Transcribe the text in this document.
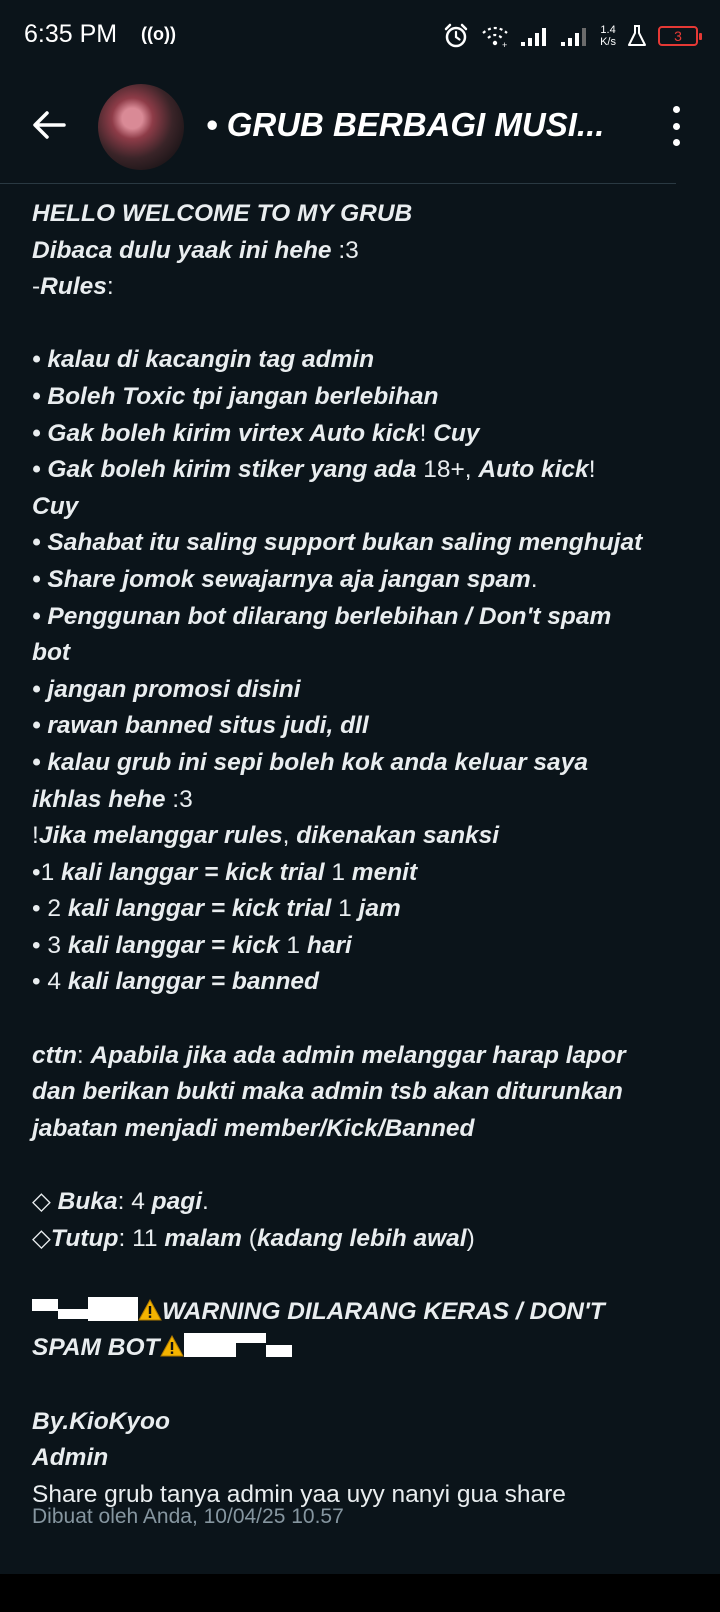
6:35 PM ((o))
+
1.4
K/s	3
• GRUB BERBAGI MUSI...
HELLO WELCOME TO MY GRUB
Dibaca dulu yaak ini hehe :3
-Rules:
• kalau di kacangin tag admin
• Boleh Toxic tpi jangan berlebihan
• Gak boleh kirim virtex Auto kick! Cuy
• Gak boleh kirim stiker yang ada 18+, Auto kick!
Cuy
• Sahabat itu saling support bukan saling menghujat
• Share jomok sewajarnya aja jangan spam.
• Penggunan bot dilarang berlebihan / Don't spam
bot
• jangan promosi disini
• rawan banned situs judi, dll
• kalau grub ini sepi boleh kok anda keluar saya
ikhlas hehe :3
!Jika melanggar rules, dikenakan sanksi
•1 kali langgar = kick trial 1 menit
• 2 kali langgar = kick trial 1 jam
• 3 kali langgar = kick 1 hari
• 4 kali langgar = banned
cttn: Apabila jika ada admin melanggar harap lapor
dan berikan bukti maka admin tsb akan diturunkan
jabatan menjadi member/Kick/Banned
◇ Buka: 4 pagi.
◇Tutup: 11 malam (kadang lebih awal)
WARNING DILARANG KERAS / DON'T
SPAM BOT
By.KioKyoo
Admin
Share grub tanya admin yaa uyy nanyi gua share
Dibuat oleh Anda, 10/04/25 10.57
